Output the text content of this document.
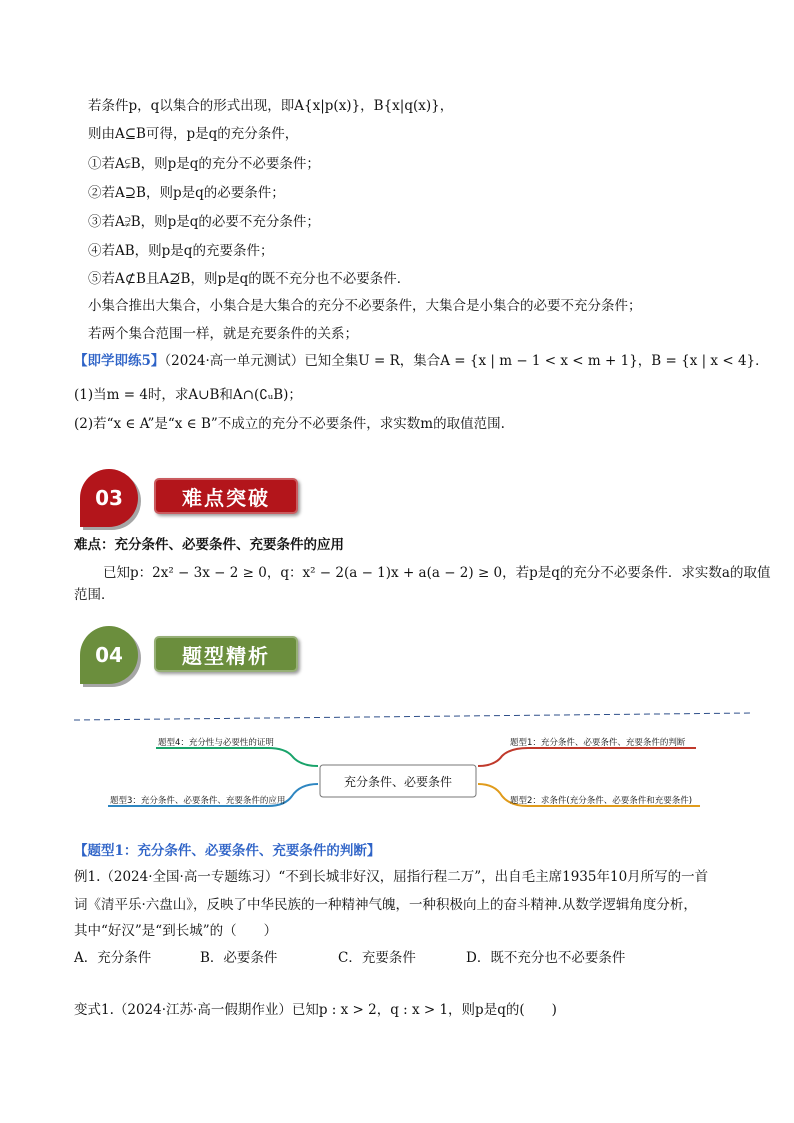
若条件p，q以集合的形式出现，即A{x|p(x)}，B{x|q(x)}，
则由A⊆B可得，p是q的充分条件，
①若A⫋B，则p是q的充分不必要条件；
②若A⊇B，则p是q的必要条件；
③若A⫌B，则p是q的必要不充分条件；
④若AB，则p是q的充要条件；
⑤若A⊄B且A⊉B，则p是q的既不充分也不必要条件．
小集合推出大集合，小集合是大集合的充分不必要条件，大集合是小集合的必要不充分条件；
若两个集合范围一样，就是充要条件的关系；
【即学即练5】（2024·高一单元测试）已知全集U = R，集合A = {x | m − 1 < x < m + 1}，B = {x | x < 4}．
(1)当m = 4时，求A∪B和A∩(∁ᵤB)；
(2)若“x ∈ A”是“x ∈ B”不成立的充分不必要条件，求实数m的取值范围.
03	难点突破
难点：充分条件、必要条件、充要条件的应用
已知p：2x² − 3x − 2 ≥ 0，q：x² − 2(a − 1)x + a(a − 2) ≥ 0，若p是q的充分不必要条件．求实数a的取值
范围．
04	题型精析
充分条件、必要条件
题型4：充分性与必要性的证明	题型1：充分条件、必要条件、充要条件的判断
题型3：充分条件、必要条件、充要条件的应用	题型2：求条件(充分条件、必要条件和充要条件)
【题型1：充分条件、必要条件、充要条件的判断】
例1.（2024·全国·高一专题练习）“不到长城非好汉，屈指行程二万”，出自毛主席1935年10月所写的一首
词《清平乐·六盘山》，反映了中华民族的一种精神气魄，一种积极向上的奋斗精神.从数学逻辑角度分析，
其中“好汉”是“到长城”的（　　）
A．充分条件	B．必要条件	C．充要条件	D．既不充分也不必要条件
变式1.（2024·江苏·高一假期作业）已知p : x > 2，q : x > 1，则p是q的(　　)
